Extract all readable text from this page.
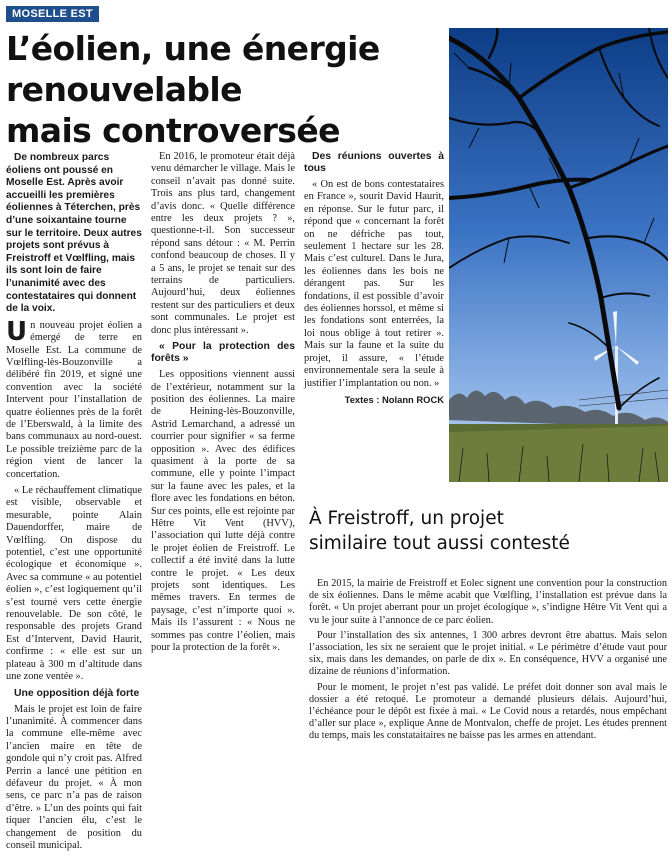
MOSELLE EST
L’éolien, une énergie
renouvelable
mais controversée

De nombreux parcs éoliens ont poussé en Moselle Est. Après avoir accueilli les premières éoliennes à Téterchen, près d’une soixantaine tourne sur le territoire. Deux autres projets sont prévus à Freistroff et Vœlfling, mais ils sont loin de faire l’unanimité avec des contestataires qui donnent de la voix.

U n nouveau projet éolien a émergé de terre en Moselle Est. La commune de Vœlfling-lès-Bouzonville a délibéré fin 2019, et signé une convention avec la société Intervent pour l’installation de quatre éoliennes près de la forêt de l’Eberswald, à la limite des bans communaux au nord-ouest. Le possible treizième parc de la région vient de lancer la concertation.

« Le réchauffement climatique est visible, observable et mesurable, pointe Alain Dauendorffer, maire de Vœlfling. On dispose du potentiel, c’est une opportunité écologique et économique ». Avec sa commune « au potentiel éolien », c’est logiquement qu’il s’est tourné vers cette énergie renouvelable. De son côté, le responsable des projets Grand Est d’Intervent, David Haurit, confirme : « elle est sur un plateau à 300 m d’altitude dans une zone ventée ».

Une opposition déjà forte

Mais le projet est loin de faire l’unanimité. À commencer dans la commune elle-même avec l’ancien maire en tête de gondole qui n’y croit pas. Alfred Perrin a lancé une pétition en défaveur du projet. « À mon sens, ce parc n’a pas de raison d’être. » L’un des points qui fait tiquer l’ancien élu, c’est le changement de position du conseil municipal.

En 2016, le promoteur était déjà venu démarcher le village. Mais le conseil n’avait pas donné suite. Trois ans plus tard, changement d’avis donc. « Quelle différence entre les deux projets ? », questionne-t-il. Son successeur répond sans détour : « M. Perrin confond beaucoup de choses. Il y a 5 ans, le projet se tenait sur des terrains de particuliers. Aujourd’hui, deux éoliennes restent sur des particuliers et deux sont communales. Le projet est donc plus intéressant ».

« Pour la protection des forêts »

Les oppositions viennent aussi de l’extérieur, notamment sur la position des éoliennes. La maire de Heining-lès-Bouzonville, Astrid Lemarchand, a adressé un courrier pour signifier « sa ferme opposition ». Avec des édifices quasiment à la porte de sa commune, elle y pointe l’impact sur la faune avec les pales, et la flore avec les fondations en béton. Sur ces points, elle est rejointe par Hêtre Vit Vent (HVV), l’association qui lutte déjà contre le projet éolien de Freistroff. Le collectif a été invité dans la lutte contre le projet. « Les deux projets sont identiques. Les mêmes travers. En termes de paysage, c’est n’importe quoi ». Mais ils l’assurent : « Nous ne sommes pas contre l’éolien, mais pour la protection de la forêt ».

Des réunions ouvertes à tous

« On est de bons contestataires en France », sourit David Haurit, en réponse. Sur le futur parc, il répond que « concernant la forêt on ne défriche pas tout, seulement 1 hectare sur les 28. Mais c’est culturel. Dans le Jura, les éoliennes dans les bois ne dérangent pas. Sur les fondations, il est possible d’avoir des éoliennes horssol, et même si les fondations sont enterrées, la loi nous oblige à tout retirer ». Mais sur la faune et la suite du projet, il assure, « l’étude environnementale sera la seule à justifier l’implantation ou non. »

Textes : Nolann ROCK
À Freistroff, un projet
similaire tout aussi contesté

En 2015, la mairie de Freistroff et Eolec signent une convention pour la construction de six éoliennes. Dans le même acabit que Vœlfling, l’installation est prévue dans la forêt. « Un projet aberrant pour un projet écologique », s’indigne Hêtre Vit Vent qui a vu le jour suite à l’annonce de ce parc éolien.

Pour l’installation des six antennes, 1 300 arbres devront être abattus. Mais selon l’association, les six ne seraient que le projet initial. « Le périmètre d’étude vaut pour six, mais dans les demandes, on parle de dix ». En conséquence, HVV a organisé une dizaine de réunions d’information.

Pour le moment, le projet n’est pas validé. Le préfet doit donner son aval mais le dossier a été retoqué. Le promoteur a demandé plusieurs délais. Aujourd’hui, l’échéance pour le dépôt est fixée à mai. « Le Covid nous a retardés, nous empêchant d’aller sur place », explique Anne de Montvalon, cheffe de projet. Les études prennent du temps, mais les constataitaires ne baisse pas les armes en attendant.
